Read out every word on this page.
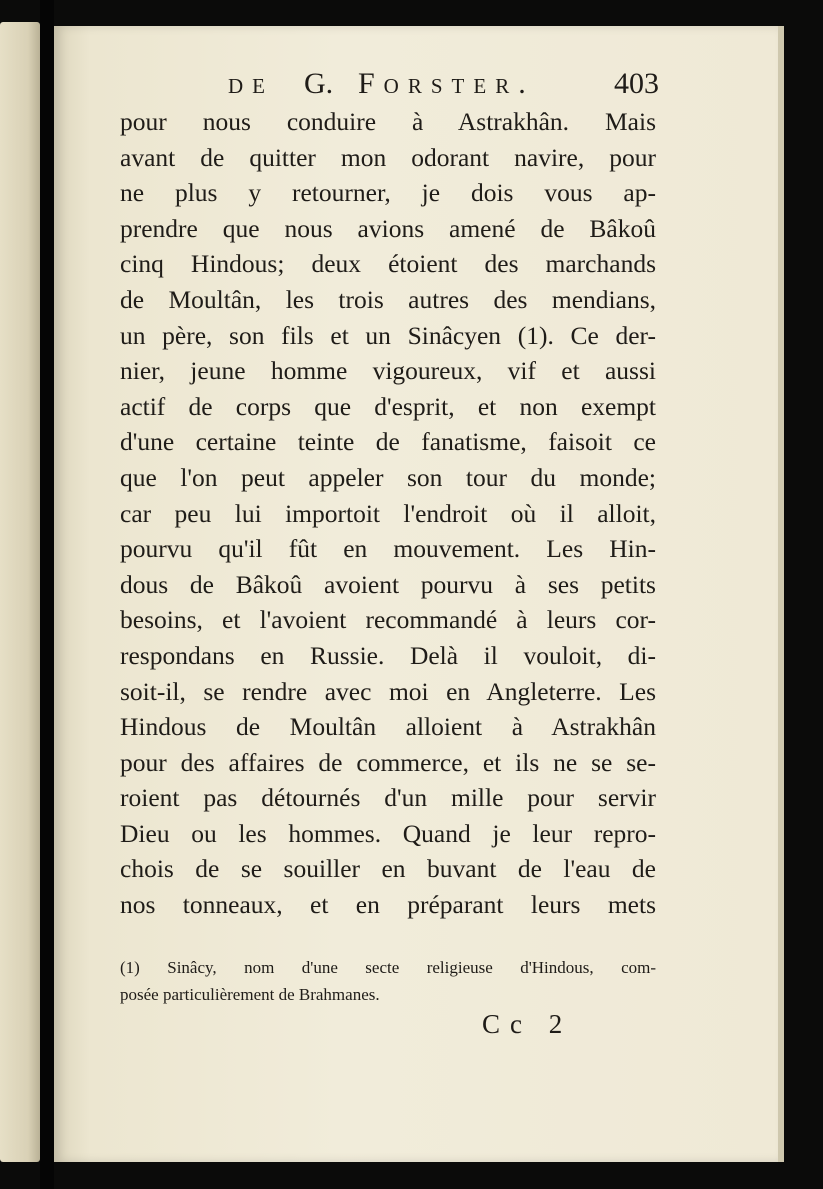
de G. Forster.	403
pour nous conduire à Astrakhân. Mais
avant de quitter mon odorant navire, pour
ne plus y retourner, je dois vous ap-
prendre que nous avions amené de Bâkoû
cinq Hindous; deux étoient des marchands
de Moultân, les trois autres des mendians,
un père, son fils et un Sinâcyen (1). Ce der-
nier, jeune homme vigoureux, vif et aussi
actif de corps que d'esprit, et non exempt
d'une certaine teinte de fanatisme, faisoit ce
que l'on peut appeler son tour du monde;
car peu lui importoit l'endroit où il alloit,
pourvu qu'il fût en mouvement. Les Hin-
dous de Bâkoû avoient pourvu à ses petits
besoins, et l'avoient recommandé à leurs cor-
respondans en Russie. Delà il vouloit, di-
soit-il, se rendre avec moi en Angleterre. Les
Hindous de Moultân alloient à Astrakhân
pour des affaires de commerce, et ils ne se se-
roient pas détournés d'un mille pour servir
Dieu ou les hommes. Quand je leur repro-
chois de se souiller en buvant de l'eau de
nos tonneaux, et en préparant leurs mets
(1) Sinâcy, nom d'une secte religieuse d'Hindous, com-
posée particulièrement de Brahmanes.
Cc 2
